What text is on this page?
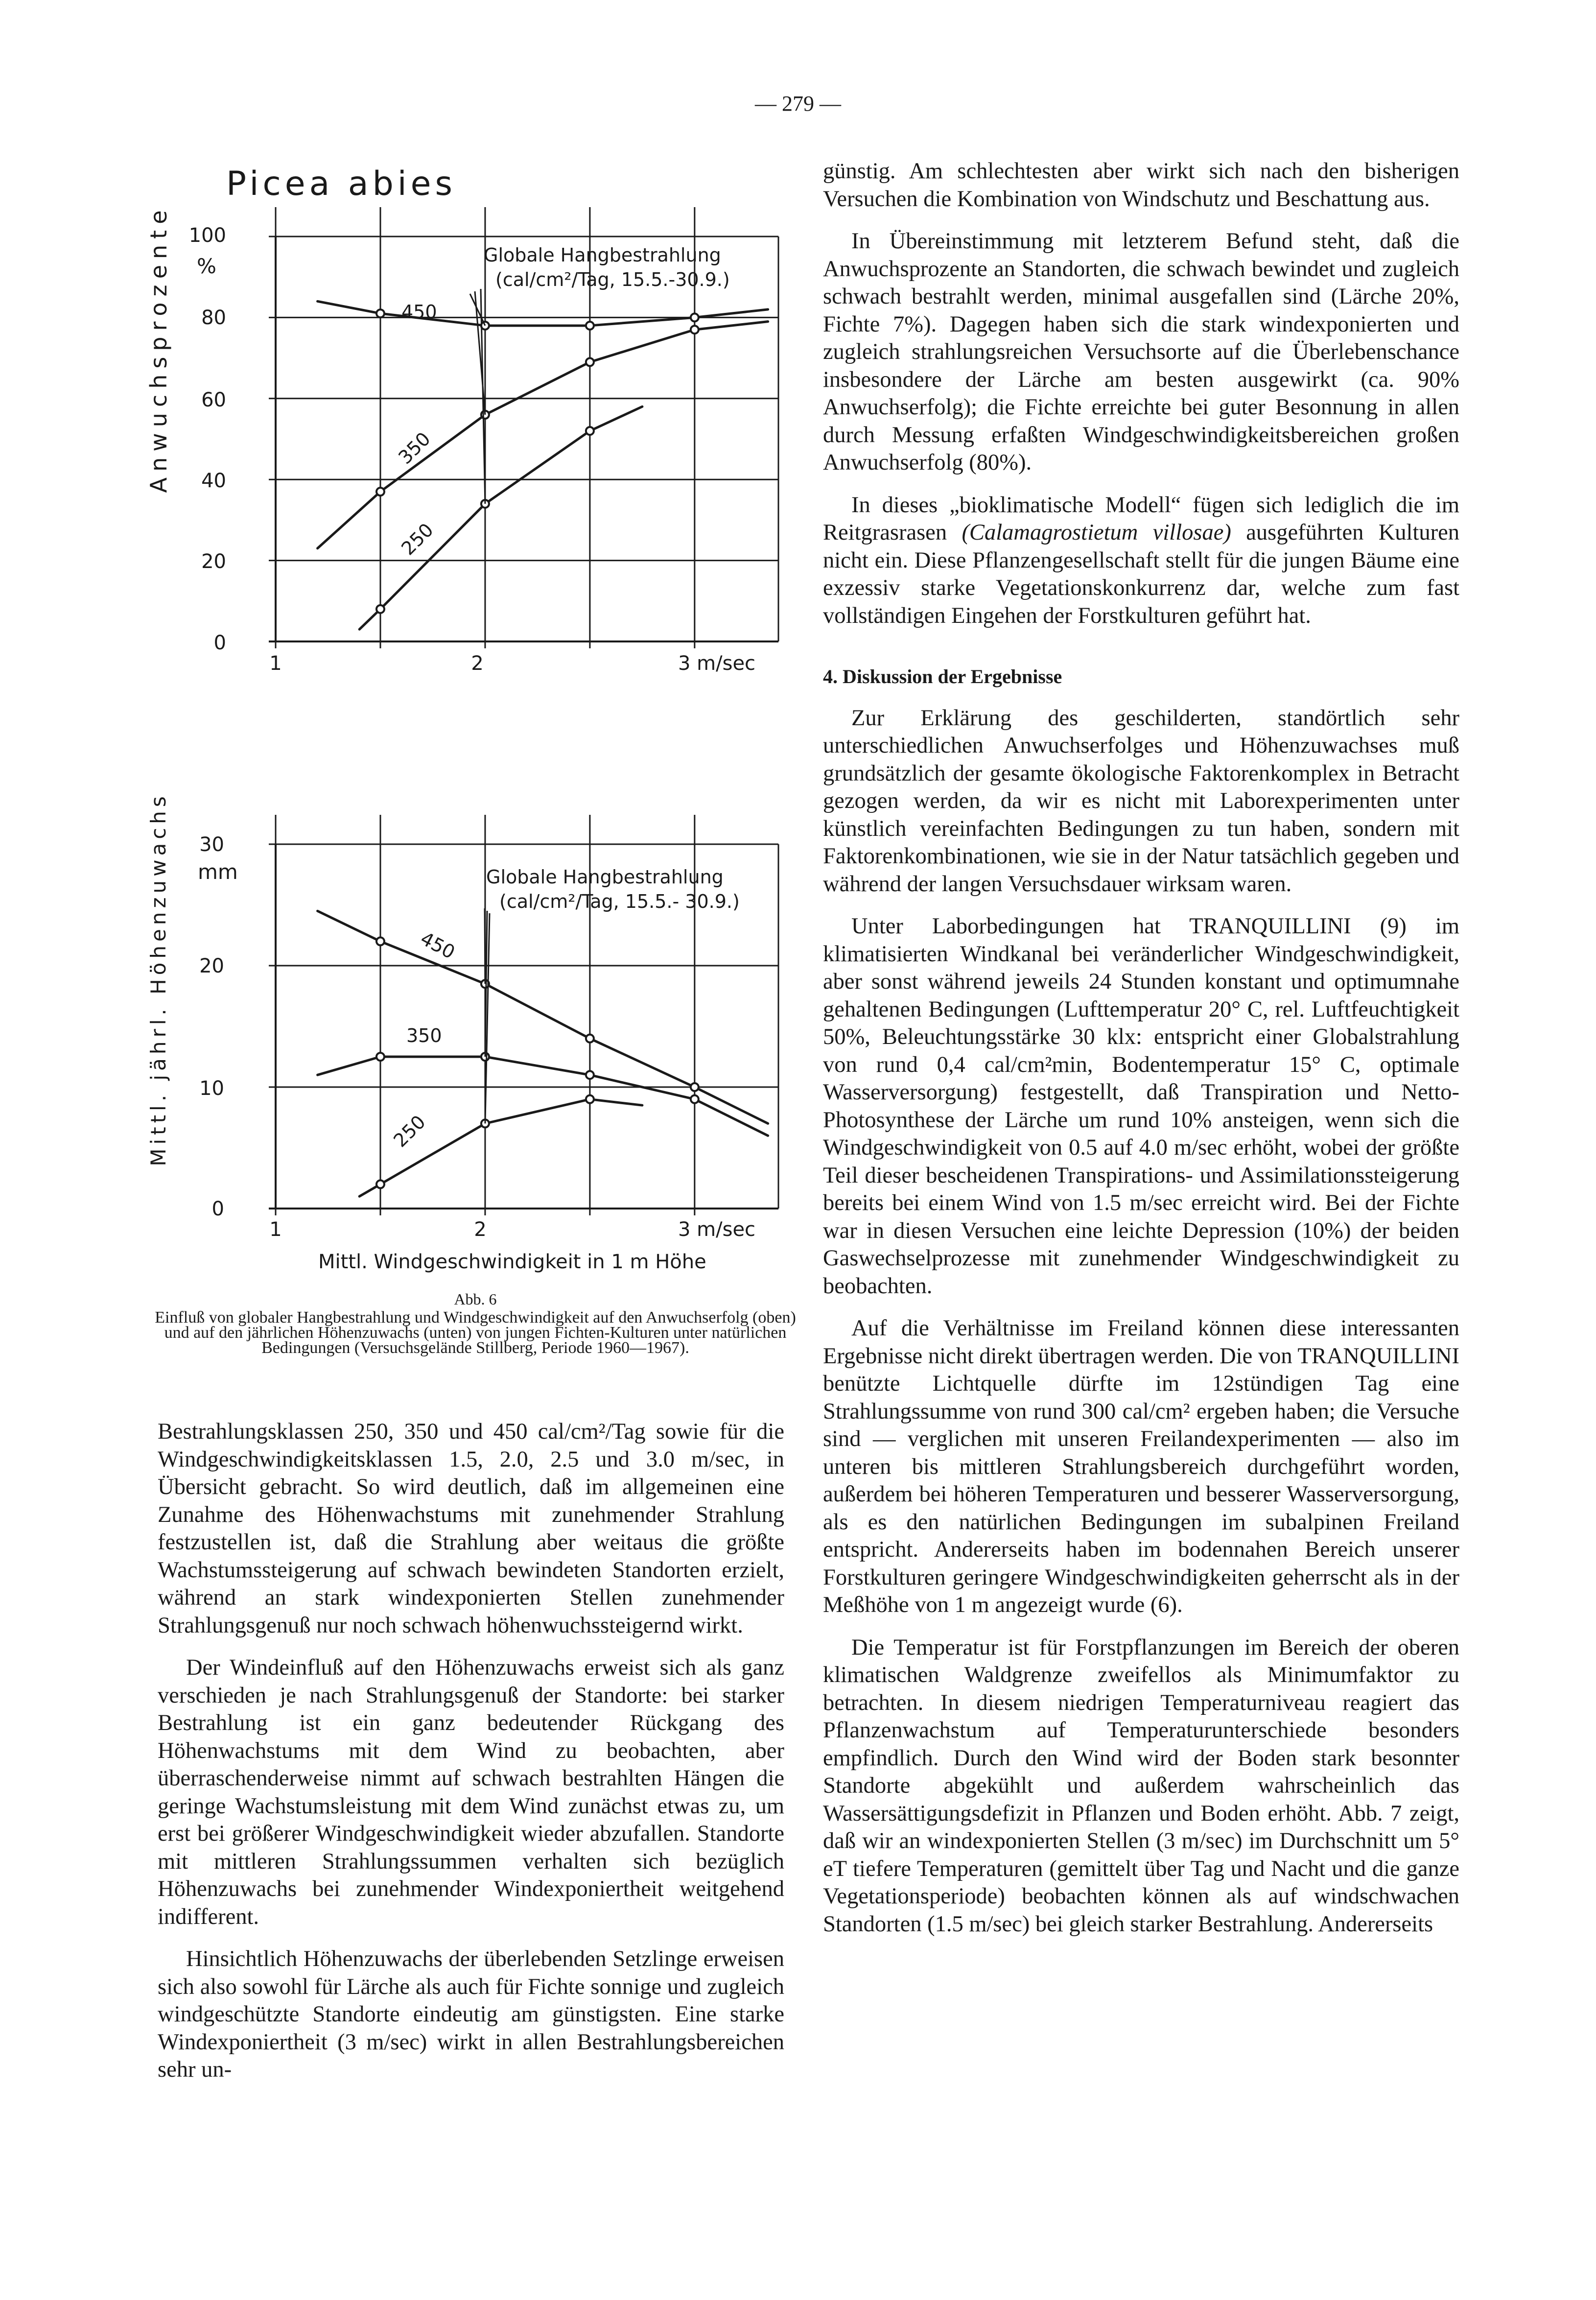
— 279 —
Picea abies
Anwuchsprozente %
100
80
60
40
20
0
1	2	3 m/sec
Globale Hangbestrahlung
(cal/cm²/Tag, 15.5.-30.9.)
450
350
250
Mittl. jährl. Höhenzuwachs mm
30
20
10
0
1	2	3 m/sec
Mittl. Windgeschwindigkeit in 1 m Höhe
Globale Hangbestrahlung
(cal/cm²/Tag, 15.5.- 30.9.)
450
350
250
Abb. 6
Einfluß von globaler Hangbestrahlung und Windgeschwindigkeit auf den Anwuchserfolg (oben) und auf den jährlichen Höhenzuwachs (unten) von jungen Fichten-Kulturen unter natürlichen Bedingungen (Versuchsgelände Stillberg, Periode 1960—1967).

Bestrahlungsklassen 250, 350 und 450 cal/cm²/Tag sowie für die Windgeschwindigkeitsklassen 1.5, 2.0, 2.5 und 3.0 m/sec, in Übersicht gebracht. So wird deutlich, daß im allgemeinen eine Zunahme des Höhenwachstums mit zunehmender Strahlung festzustellen ist, daß die Strahlung aber weitaus die größte Wachstumssteigerung auf schwach bewindeten Standorten erzielt, während an stark windexponierten Stellen zunehmender Strahlungsgenuß nur noch schwach höhenwuchssteigernd wirkt.

Der Windeinfluß auf den Höhenzuwachs erweist sich als ganz verschieden je nach Strahlungsgenuß der Standorte: bei starker Bestrahlung ist ein ganz bedeutender Rückgang des Höhenwachstums mit dem Wind zu beobachten, aber überraschenderweise nimmt auf schwach bestrahlten Hängen die geringe Wachstumsleistung mit dem Wind zunächst etwas zu, um erst bei größerer Windgeschwindigkeit wieder abzufallen. Standorte mit mittleren Strahlungssummen verhalten sich bezüglich Höhenzuwachs bei zunehmender Windexponiertheit weitgehend indifferent.

Hinsichtlich Höhenzuwachs der überlebenden Setzlinge erweisen sich also sowohl für Lärche als auch für Fichte sonnige und zugleich windgeschützte Standorte eindeutig am günstigsten. Eine starke Windexponiertheit (3 m/sec) wirkt in allen Bestrahlungsbereichen sehr un-

günstig. Am schlechtesten aber wirkt sich nach den bisherigen Versuchen die Kombination von Windschutz und Beschattung aus.

In Übereinstimmung mit letzterem Befund steht, daß die Anwuchsprozente an Standorten, die schwach bewindet und zugleich schwach bestrahlt werden, minimal ausgefallen sind (Lärche 20%, Fichte 7%). Dagegen haben sich die stark windexponierten und zugleich strahlungsreichen Versuchsorte auf die Überlebenschance insbesondere der Lärche am besten ausgewirkt (ca. 90% Anwuchserfolg); die Fichte erreichte bei guter Besonnung in allen durch Messung erfaßten Windgeschwindigkeitsbereichen großen Anwuchserfolg (80%).

In dieses „bioklimatische Modell“ fügen sich lediglich die im Reitgrasrasen (Calamagrostietum villosae) ausgeführten Kulturen nicht ein. Diese Pflanzengesellschaft stellt für die jungen Bäume eine exzessiv starke Vegetationskonkurrenz dar, welche zum fast vollständigen Eingehen der Forstkulturen geführt hat.

4. Diskussion der Ergebnisse

Zur Erklärung des geschilderten, standörtlich sehr unterschiedlichen Anwuchserfolges und Höhenzuwachses muß grundsätzlich der gesamte ökologische Faktorenkomplex in Betracht gezogen werden, da wir es nicht mit Laborexperimenten unter künstlich vereinfachten Bedingungen zu tun haben, sondern mit Faktorenkombinationen, wie sie in der Natur tatsächlich gegeben und während der langen Versuchsdauer wirksam waren.

Unter Laborbedingungen hat TRANQUILLINI (9) im klimatisierten Windkanal bei veränderlicher Windgeschwindigkeit, aber sonst während jeweils 24 Stunden konstant und optimumnahe gehaltenen Bedingungen (Lufttemperatur 20° C, rel. Luftfeuchtigkeit 50%, Beleuchtungsstärke 30 klx: entspricht einer Globalstrahlung von rund 0,4 cal/cm²min, Bodentemperatur 15° C, optimale Wasserversorgung) festgestellt, daß Transpiration und Netto-Photosynthese der Lärche um rund 10% ansteigen, wenn sich die Windgeschwindigkeit von 0.5 auf 4.0 m/sec erhöht, wobei der größte Teil dieser bescheidenen Transpirations- und Assimilationssteigerung bereits bei einem Wind von 1.5 m/sec erreicht wird. Bei der Fichte war in diesen Versuchen eine leichte Depression (10%) der beiden Gaswechselprozesse mit zunehmender Windgeschwindigkeit zu beobachten.

Auf die Verhältnisse im Freiland können diese interessanten Ergebnisse nicht direkt übertragen werden. Die von TRANQUILLINI benützte Lichtquelle dürfte im 12stündigen Tag eine Strahlungssumme von rund 300 cal/cm² ergeben haben; die Versuche sind — verglichen mit unseren Freilandexperimenten — also im unteren bis mittleren Strahlungsbereich durchgeführt worden, außerdem bei höheren Temperaturen und besserer Wasserversorgung, als es den natürlichen Bedingungen im subalpinen Freiland entspricht. Andererseits haben im bodennahen Bereich unserer Forstkulturen geringere Windgeschwindigkeiten geherrscht als in der Meßhöhe von 1 m angezeigt wurde (6).

Die Temperatur ist für Forstpflanzungen im Bereich der oberen klimatischen Waldgrenze zweifellos als Minimumfaktor zu betrachten. In diesem niedrigen Temperaturniveau reagiert das Pflanzenwachstum auf Temperaturunterschiede besonders empfindlich. Durch den Wind wird der Boden stark besonnter Standorte abgekühlt und außerdem wahrscheinlich das Wassersättigungsdefizit in Pflanzen und Boden erhöht. Abb. 7 zeigt, daß wir an windexponierten Stellen (3 m/sec) im Durchschnitt um 5° eT tiefere Temperaturen (gemittelt über Tag und Nacht und die ganze Vegetationsperiode) beobachten können als auf windschwachen Standorten (1.5 m/sec) bei gleich starker Bestrahlung. Andererseits
